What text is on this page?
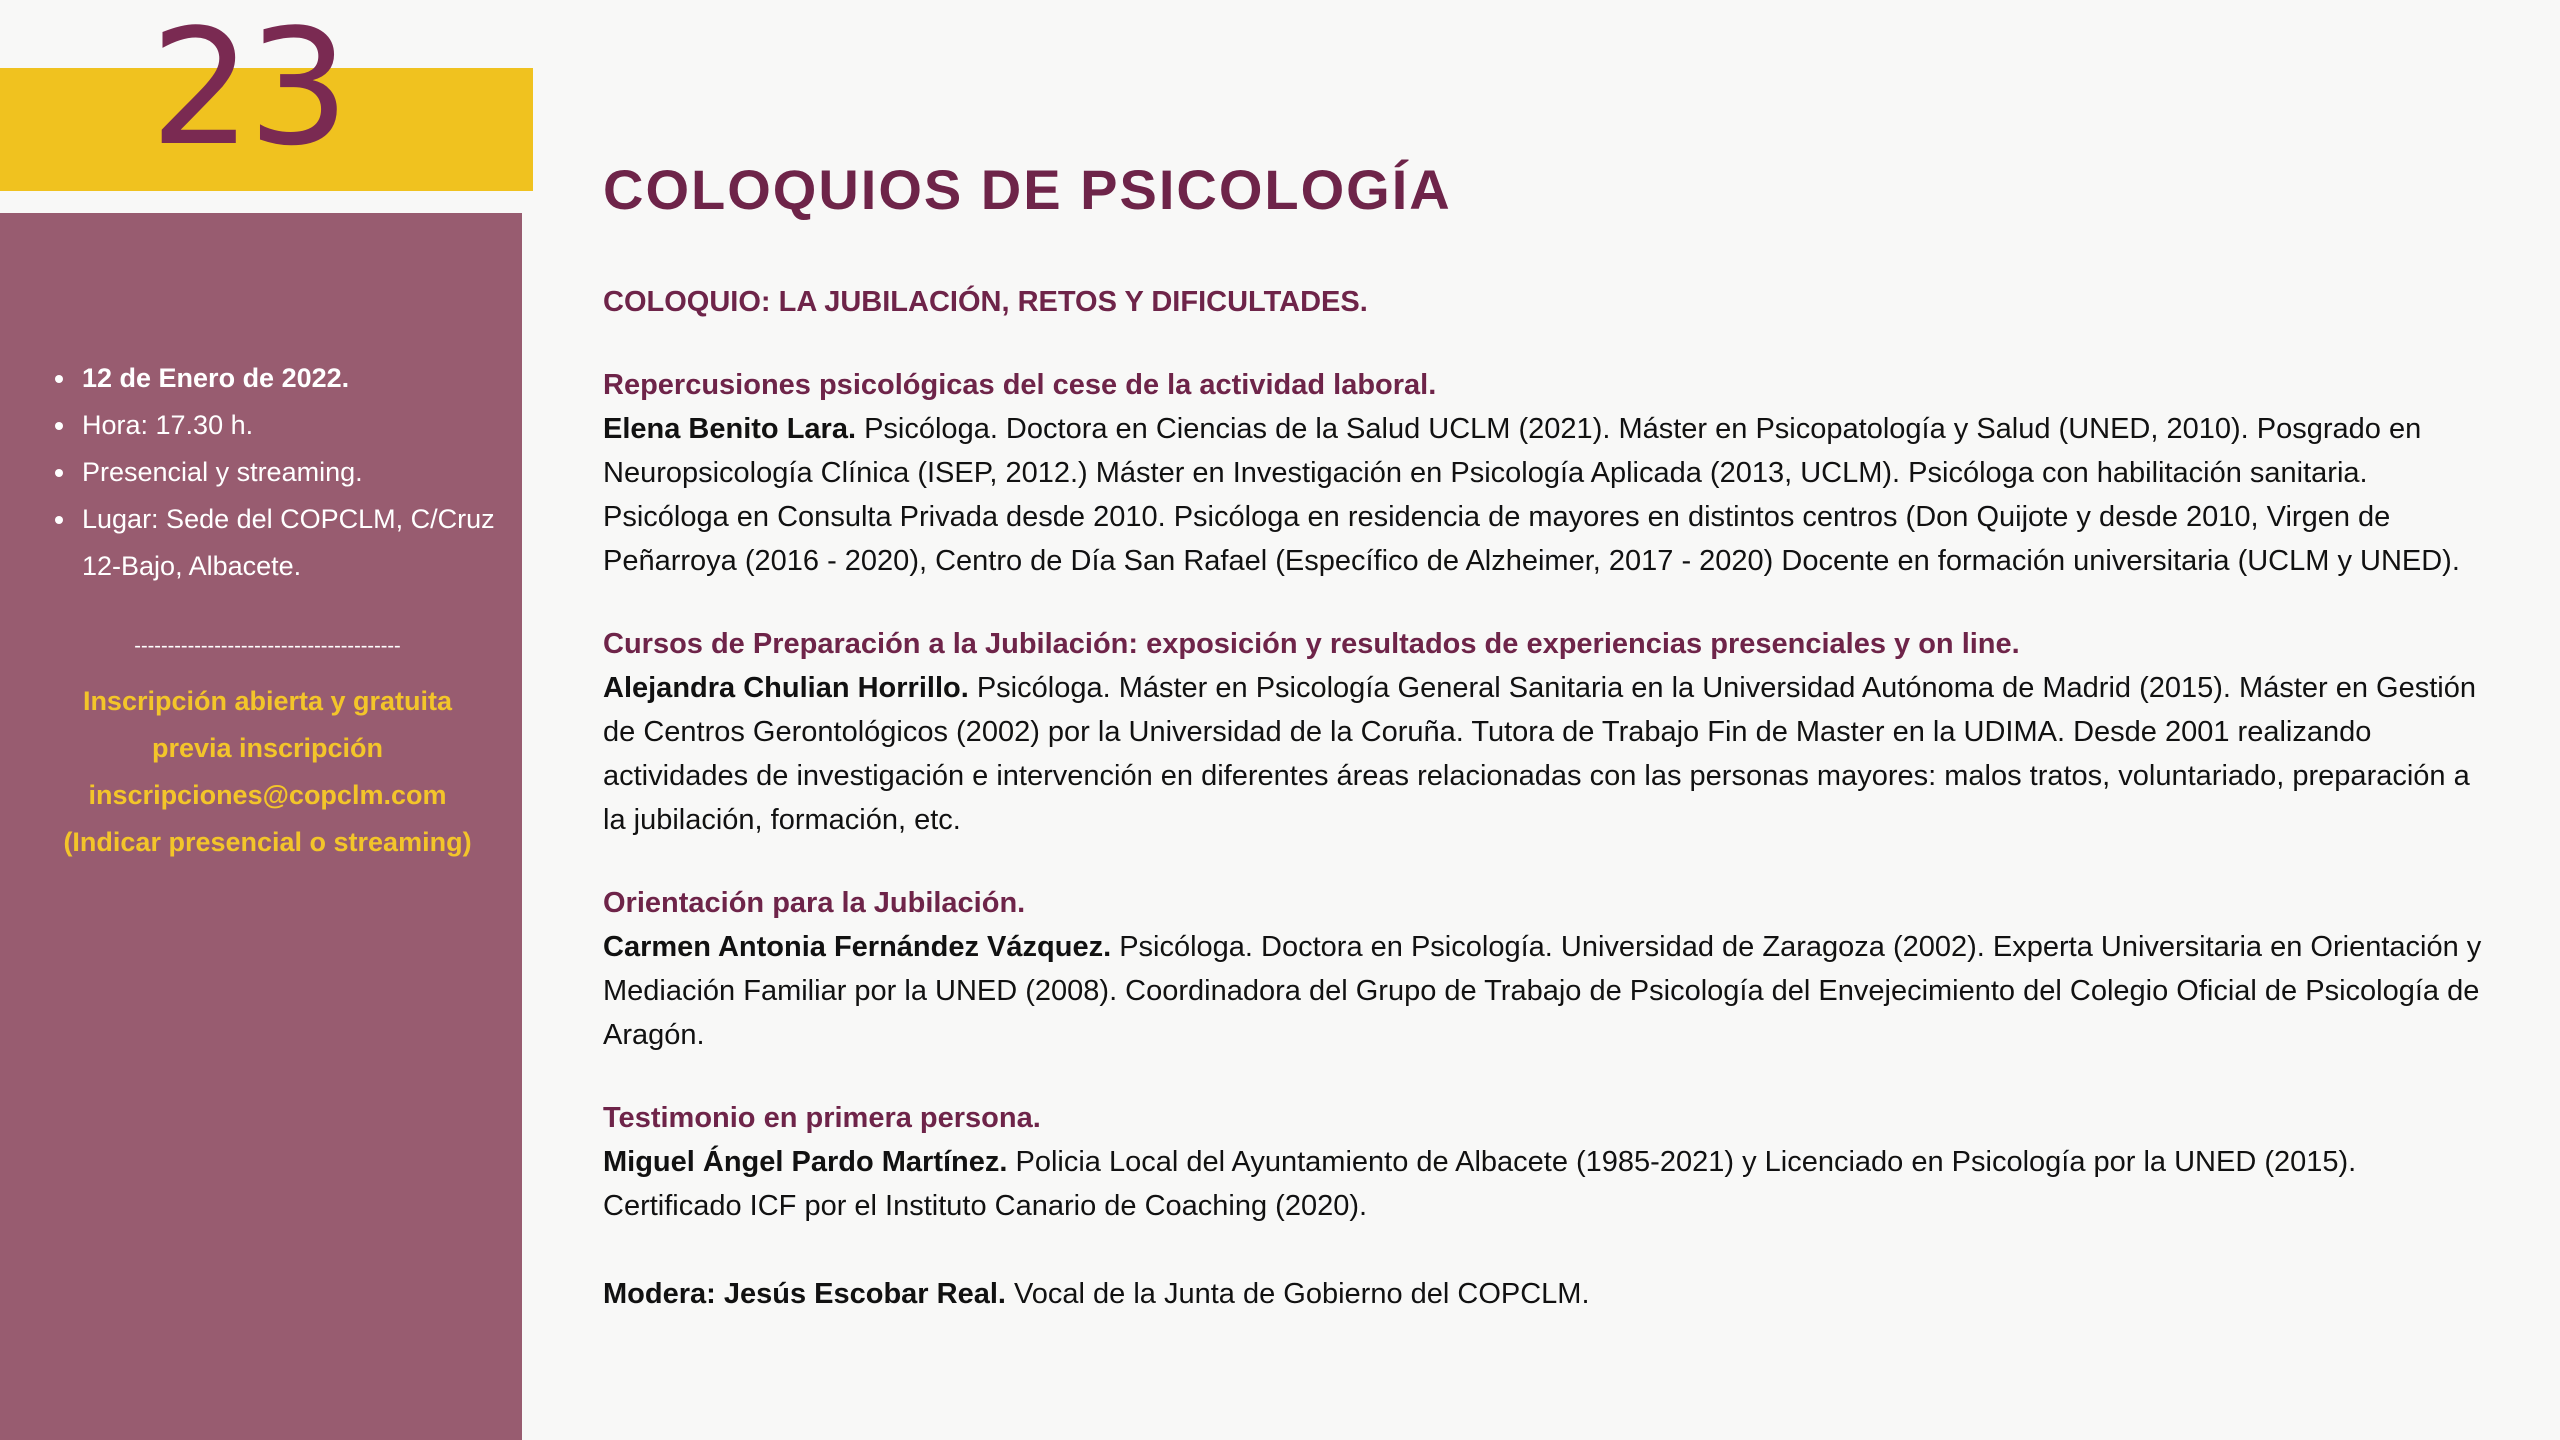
23
12 de Enero de 2022.
Hora: 17.30 h.
Presencial y streaming.
Lugar: Sede del COPCLM, C/Cruz 12-Bajo, Albacete.
----------------------------------------
Inscripción abierta y gratuita
previa inscripción
inscripciones@copclm.com
(Indicar presencial o streaming)
COLOQUIOS DE PSICOLOGÍA
COLOQUIO: LA JUBILACIÓN, RETOS Y DIFICULTADES.
Repercusiones psicológicas del cese de la actividad laboral.
Elena Benito Lara. Psicóloga. Doctora en Ciencias de la Salud UCLM (2021). Máster en Psicopatología y Salud (UNED, 2010). Posgrado en Neuropsicología Clínica (ISEP, 2012.) Máster en Investigación en Psicología Aplicada (2013, UCLM). Psicóloga con habilitación sanitaria. Psicóloga en Consulta Privada desde 2010. Psicóloga en residencia de mayores en distintos centros (Don Quijote y desde 2010, Virgen de Peñarroya (2016 - 2020), Centro de Día San Rafael (Específico de Alzheimer, 2017 - 2020) Docente en formación universitaria (UCLM y UNED).
Cursos de Preparación a la Jubilación: exposición y resultados de experiencias presenciales y on line.
Alejandra Chulian Horrillo. Psicóloga. Máster en Psicología General Sanitaria en la Universidad Autónoma de Madrid (2015). Máster en Gestión de Centros Gerontológicos (2002) por la Universidad de la Coruña. Tutora de Trabajo Fin de Master en la UDIMA. Desde 2001 realizando actividades de investigación e intervención en diferentes áreas relacionadas con las personas mayores: malos tratos, voluntariado, preparación a la jubilación, formación, etc.
Orientación para la Jubilación.
Carmen Antonia Fernández Vázquez. Psicóloga. Doctora en Psicología. Universidad de Zaragoza (2002). Experta Universitaria en Orientación y Mediación Familiar por la UNED (2008). Coordinadora del Grupo de Trabajo de Psicología del Envejecimiento del Colegio Oficial de Psicología de Aragón.
Testimonio en primera persona.
Miguel Ángel Pardo Martínez. Policia Local del Ayuntamiento de Albacete (1985-2021) y Licenciado en Psicología por la UNED (2015). Certificado ICF por el Instituto Canario de Coaching (2020).
Modera: Jesús Escobar Real. Vocal de la Junta de Gobierno del COPCLM.
